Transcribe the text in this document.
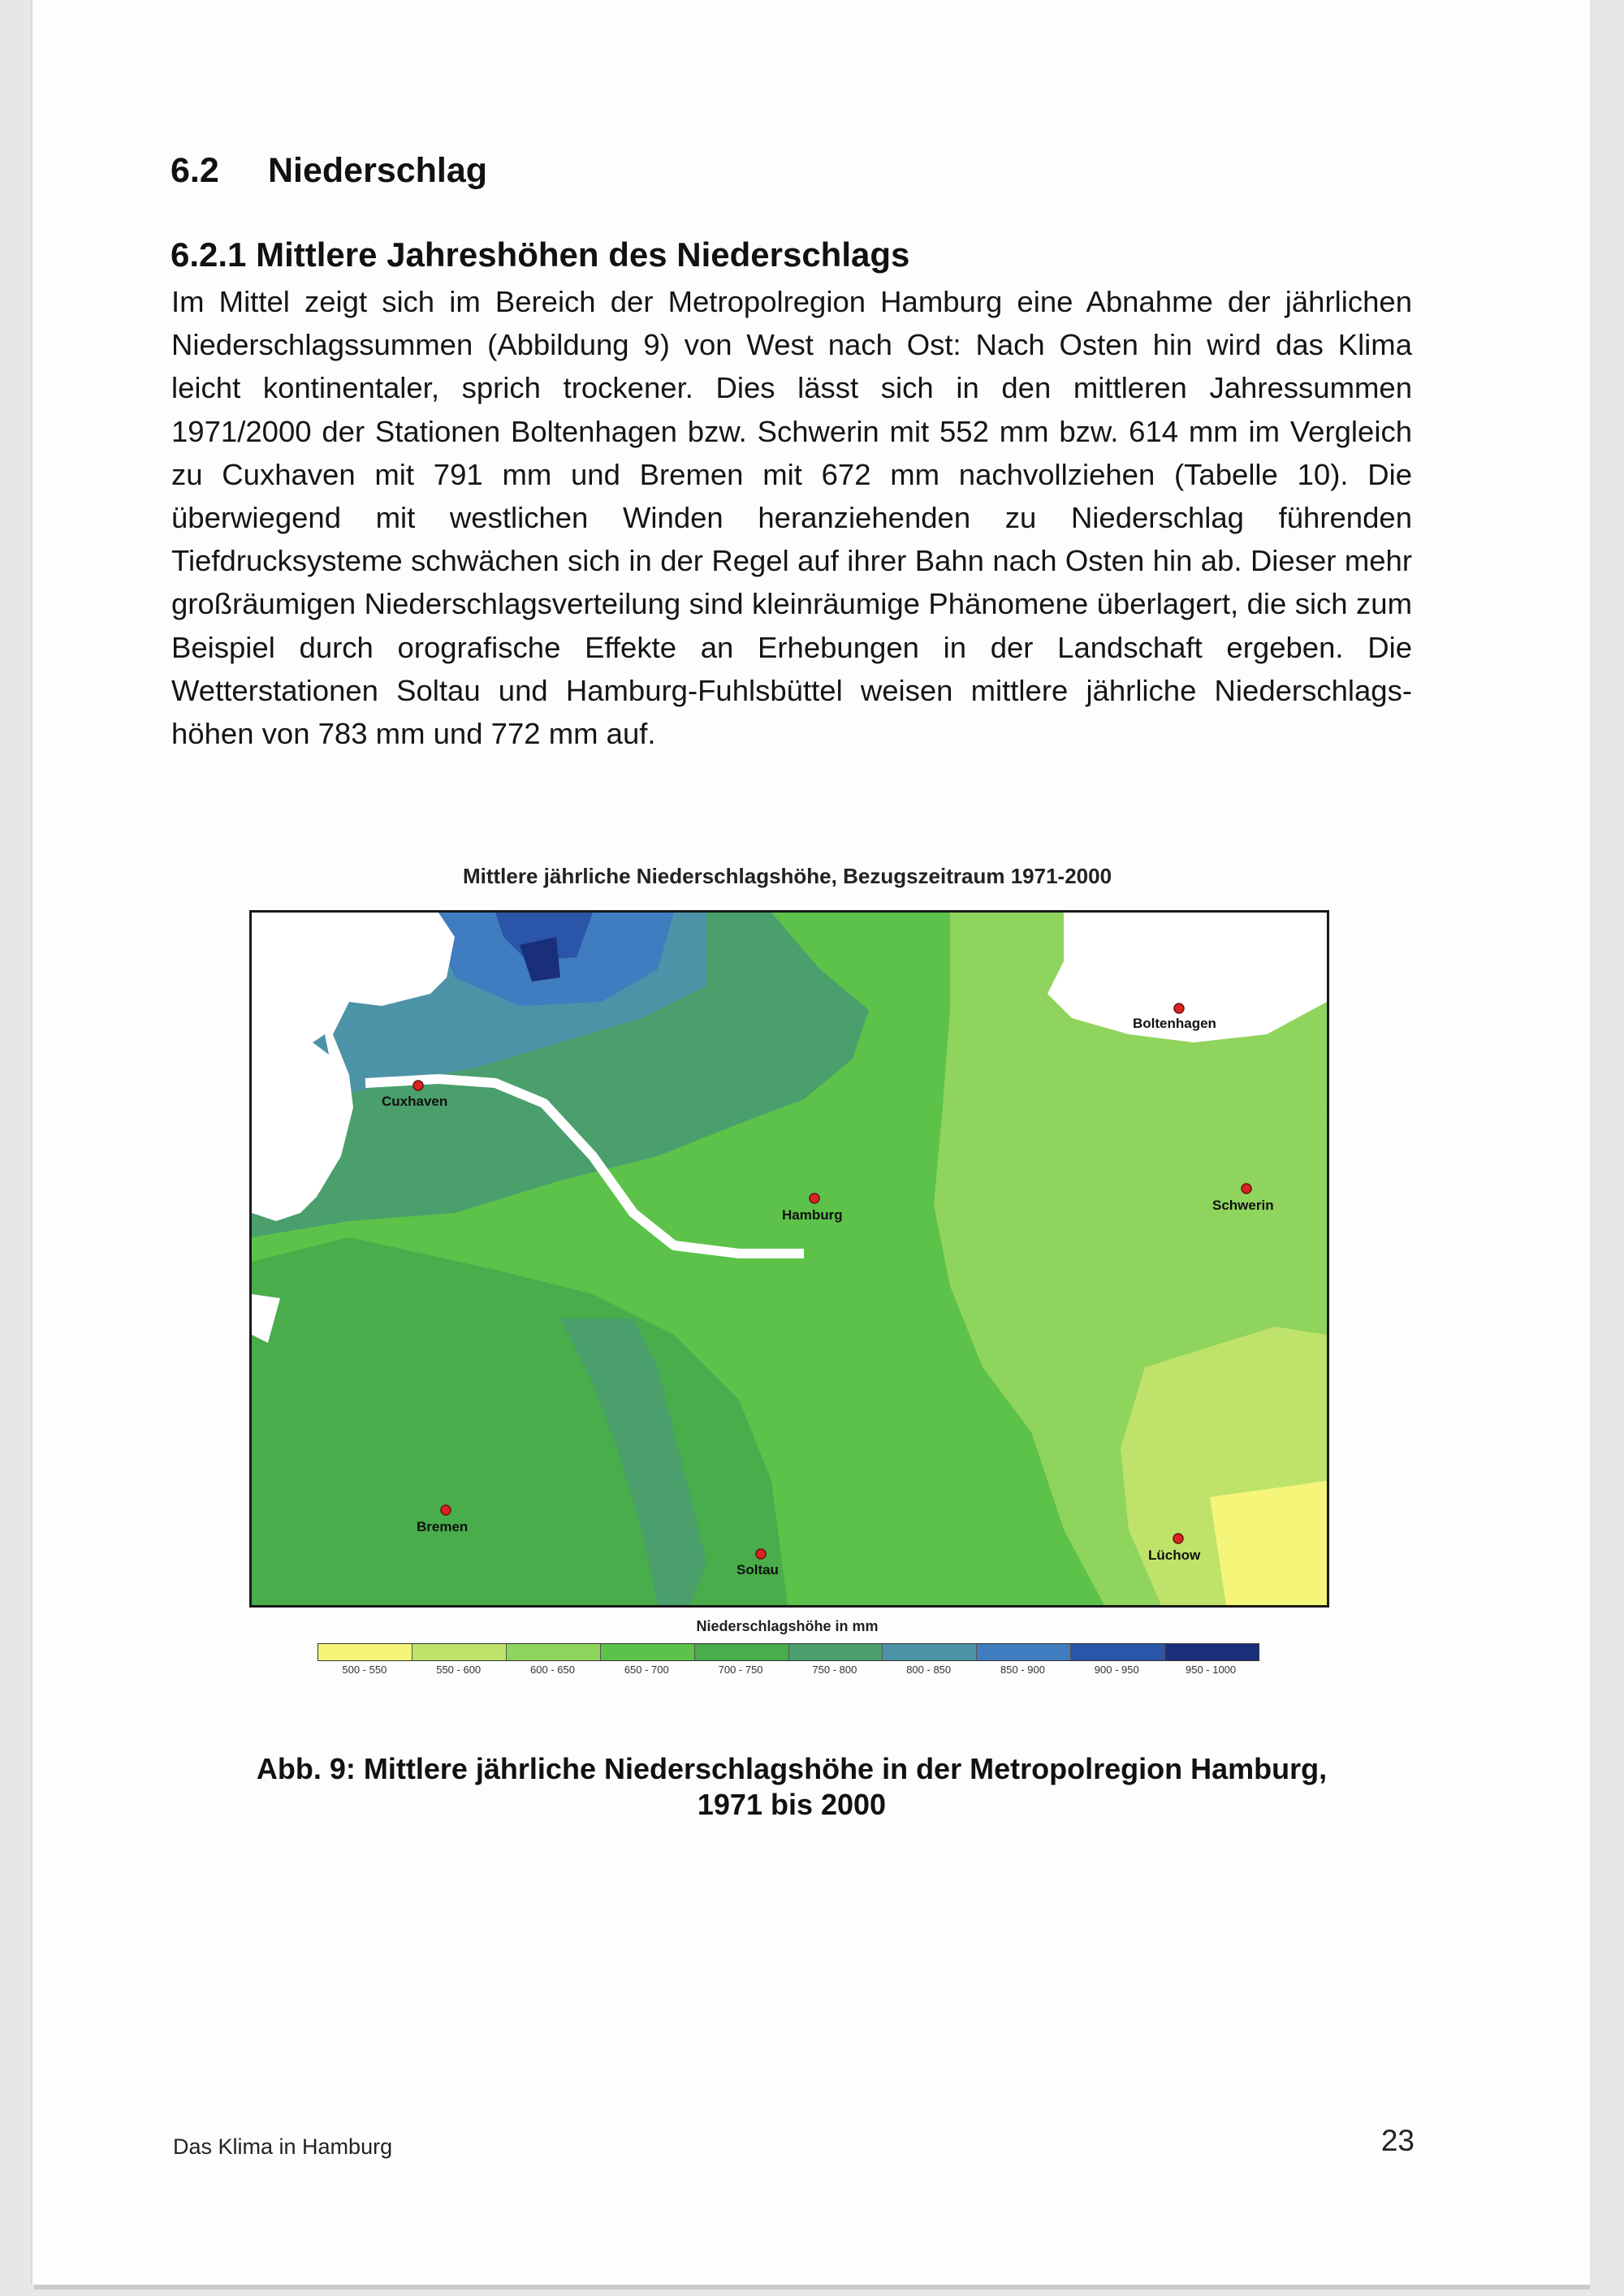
6.2 Niederschlag
6.2.1 Mittlere Jahreshöhen des Niederschlags

Im Mittel zeigt sich im Bereich der Metropolregion Hamburg eine Abnahme der jährlichen Niederschlagssummen (Abbildung 9) von West nach Ost: Nach Osten hin wird das Klima leicht kontinentaler, sprich trockener. Dies lässt sich in den mittleren Jahressummen 1971/2000 der Stationen Boltenhagen bzw. Schwerin mit 552 mm bzw. 614 mm im Vergleich zu Cuxhaven mit 791 mm und Bremen mit 672 mm nachvollziehen (Tabelle 10). Die überwiegend mit westlichen Winden heranziehenden zu Niederschlag führenden Tiefdrucksysteme schwächen sich in der Regel auf ihrer Bahn nach Osten hin ab. Dieser mehr großräumigen Niederschlagsverteilung sind kleinräumige Phänomene überlagert, die sich zum Beispiel durch orografische Effekte an Erhebungen in der Landschaft ergeben. Die Wetterstationen Soltau und Hamburg-Fuhlsbüttel weisen mittlere jährliche Niederschlags-höhen von 783 mm und 772 mm auf.

Mittlere jährliche Niederschlagshöhe, Bezugszeitraum 1971-2000
Cuxhaven
Boltenhagen
Hamburg
Schwerin
Bremen
Soltau
Lüchow
Niederschlagshöhe in mm
500 - 550	550 - 600	600 - 650	650 - 700	700 - 750	750 - 800	800 - 850	850 - 900	900 - 950	950 - 1000

Abb. 9: Mittlere jährliche Niederschlagshöhe in der Metropolregion Hamburg,
1971 bis 2000

Das Klima in Hamburg	23
